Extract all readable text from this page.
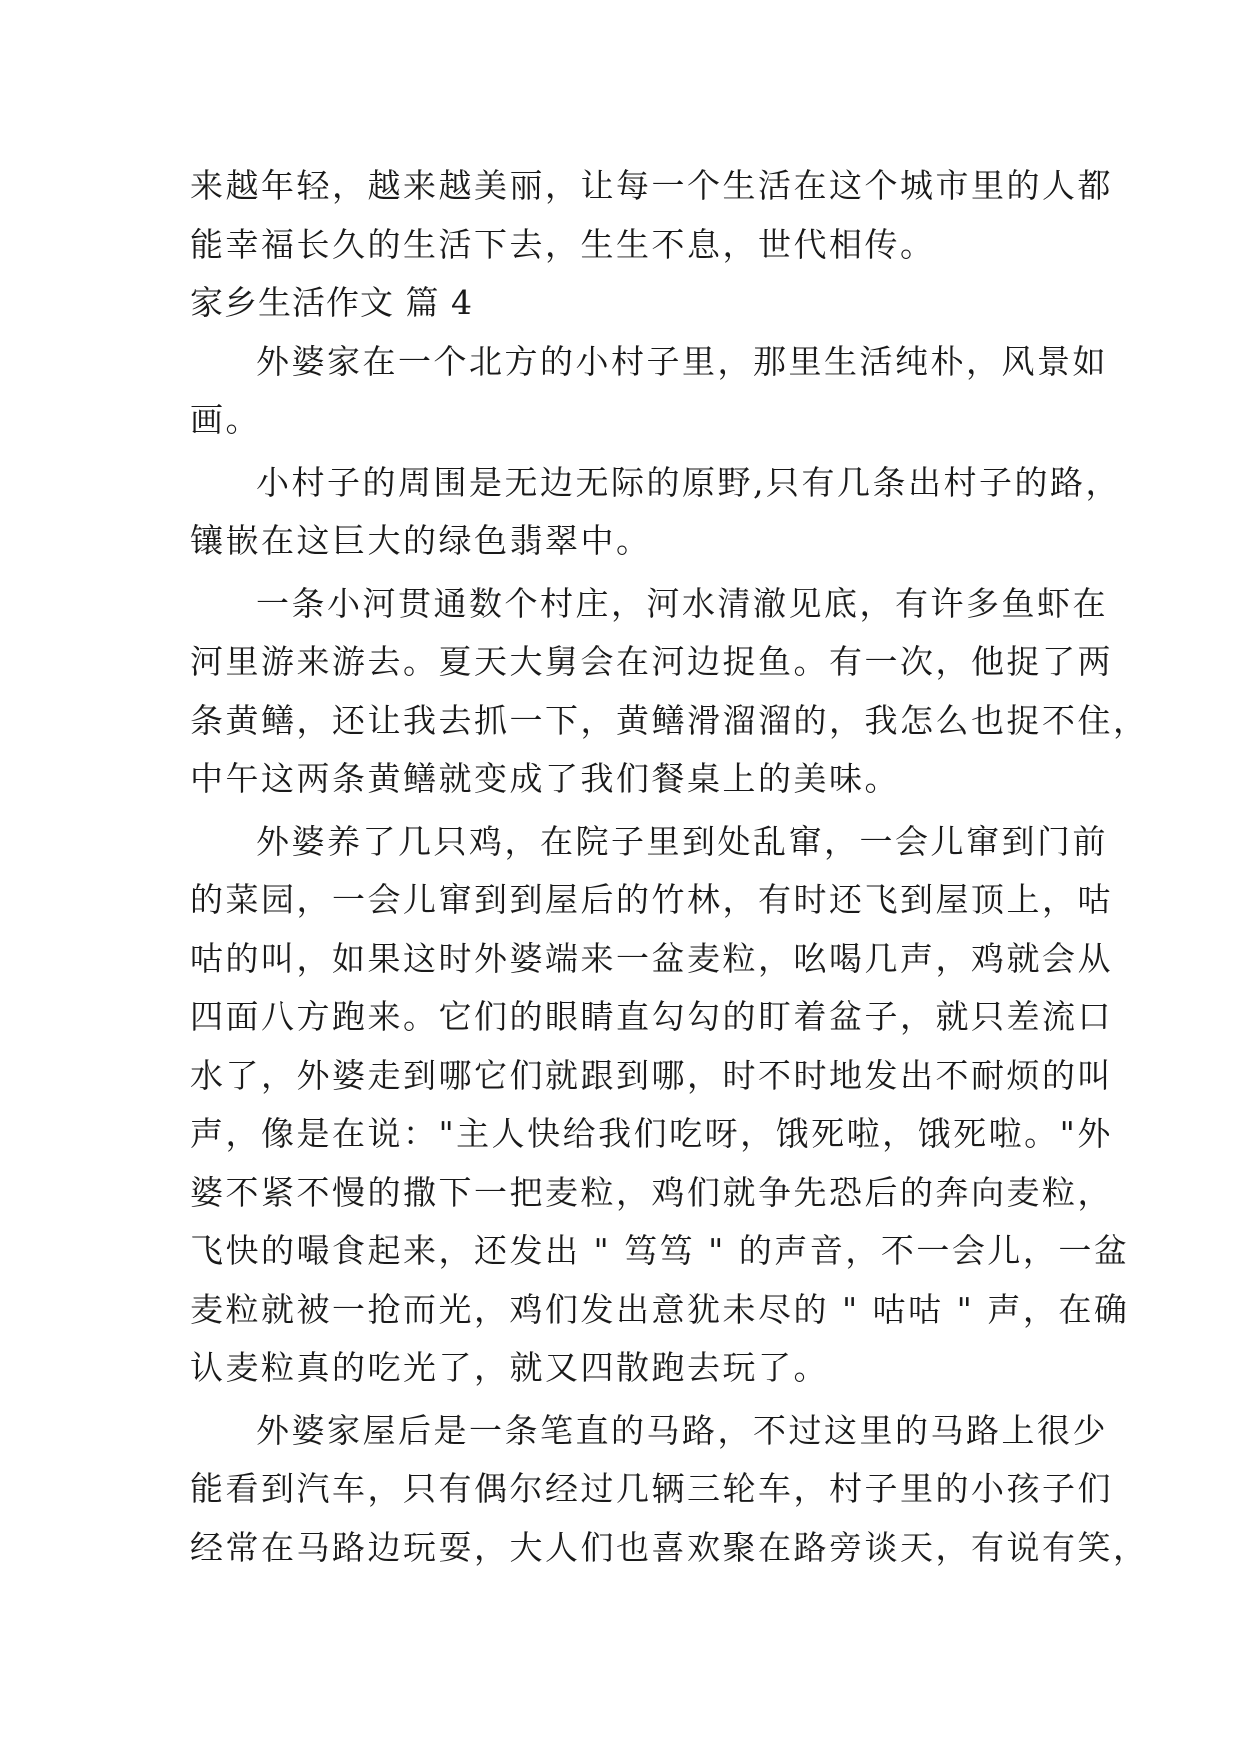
来越年轻，越来越美丽，让每一个生活在这个城市里的人都
能幸福长久的生活下去，生生不息，世代相传。
家乡生活作文 篇 4
外婆家在一个北方的小村子里，那里生活纯朴，风景如
画。
小村子的周围是无边无际的原野,只有几条出村子的路，
镶嵌在这巨大的绿色翡翠中。
一条小河贯通数个村庄，河水清澈见底，有许多鱼虾在
河里游来游去。夏天大舅会在河边捉鱼。有一次，他捉了两
条黄鳝，还让我去抓一下，黄鳝滑溜溜的，我怎么也捉不住，
中午这两条黄鳝就变成了我们餐桌上的美味。
外婆养了几只鸡，在院子里到处乱窜，一会儿窜到门前
的菜园，一会儿窜到到屋后的竹林，有时还飞到屋顶上，咕
咕的叫，如果这时外婆端来一盆麦粒，吆喝几声，鸡就会从
四面八方跑来。它们的眼睛直勾勾的盯着盆子，就只差流口
水了，外婆走到哪它们就跟到哪，时不时地发出不耐烦的叫
声，像是在说："主人快给我们吃呀，饿死啦，饿死啦。"外
婆不紧不慢的撒下一把麦粒，鸡们就争先恐后的奔向麦粒，
飞快的嘬食起来，还发出 " 笃笃 " 的声音，不一会儿，一盆
麦粒就被一抢而光，鸡们发出意犹未尽的 " 咕咕 " 声，在确
认麦粒真的吃光了，就又四散跑去玩了。
外婆家屋后是一条笔直的马路，不过这里的马路上很少
能看到汽车，只有偶尔经过几辆三轮车，村子里的小孩子们
经常在马路边玩耍，大人们也喜欢聚在路旁谈天，有说有笑，
